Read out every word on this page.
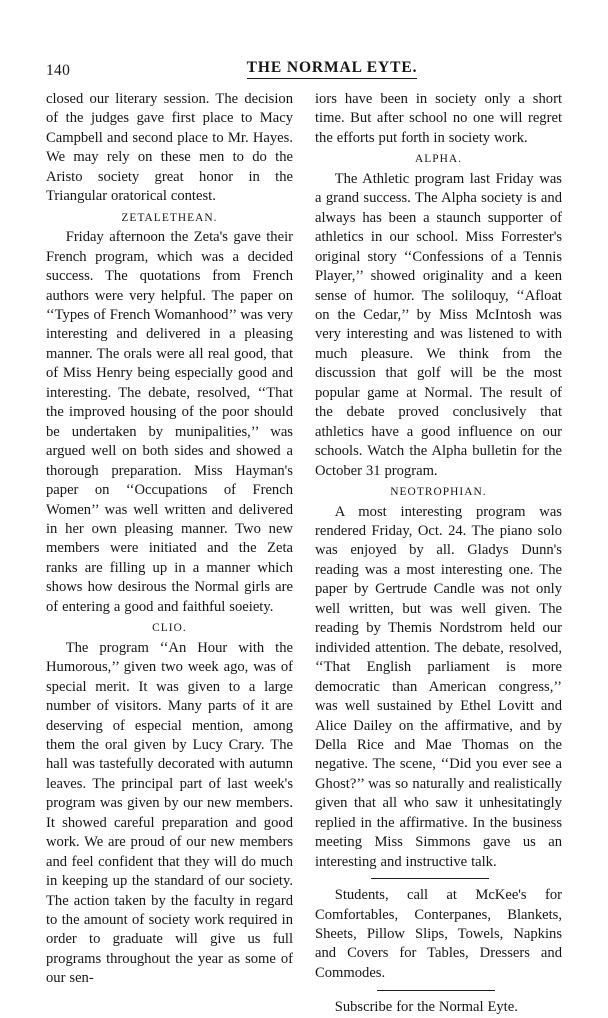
140	THE NORMAL EYTE.

closed our literary session. The decision of the judges gave first place to Macy Campbell and second place to Mr. Hayes. We may rely on these men to do the Aristo society great honor in the Triangular oratorical contest.

ZETALETHEAN.

Friday afternoon the Zeta's gave their French program, which was a decided success. The quotations from French authors were very helpful. The paper on ‘‘Types of French Womanhood’’ was very interesting and delivered in a pleasing manner. The orals were all real good, that of Miss Henry being especially good and interesting. The debate, resolved, ‘‘That the improved housing of the poor should be undertaken by munipalities,’’ was argued well on both sides and showed a thorough preparation. Miss Hayman's paper on ‘‘Occupations of French Women’’ was well written and delivered in her own pleasing manner. Two new members were initiated and the Zeta ranks are filling up in a manner which shows how desirous the Normal girls are of entering a good and faithful soeiety.

CLIO.

The program ‘‘An Hour with the Humorous,’’ given two week ago, was of special merit. It was given to a large number of visitors. Many parts of it are deserving of especial mention, among them the oral given by Lucy Crary. The hall was tastefully decorated with autumn leaves. The principal part of last week's program was given by our new members. It showed careful preparation and good work. We are proud of our new members and feel confident that they will do much in keeping up the standard of our society. The action taken by the faculty in regard to the amount of society work required in order to graduate will give us full programs throughout the year as some of our sen-

iors have been in society only a short time. But after school no one will regret the efforts put forth in society work.

ALPHA.

The Athletic program last Friday was a grand success. The Alpha society is and always has been a staunch supporter of athletics in our school. Miss Forrester's original story ‘‘Confessions of a Tennis Player,’’ showed originality and a keen sense of humor. The soliloquy, ‘‘Afloat on the Cedar,’’ by Miss McIntosh was very interesting and was listened to with much pleasure. We think from the discussion that golf will be the most popular game at Normal. The result of the debate proved conclusively that athletics have a good influence on our schools. Watch the Alpha bulletin for the October 31 program.

NEOTROPHIAN.

A most interesting program was rendered Friday, Oct. 24. The piano solo was enjoyed by all. Gladys Dunn's reading was a most interesting one. The paper by Gertrude Candle was not only well written, but was well given. The reading by Themis Nordstrom held our individed attention. The debate, resolved, ‘‘That English parliament is more democratic than American congress,’’ was well sustained by Ethel Lovitt and Alice Dailey on the affirmative, and by Della Rice and Mae Thomas on the negative. The scene, ‘‘Did you ever see a Ghost?’’ was so naturally and realistically given that all who saw it unhesitatingly replied in the affirmative. In the business meeting Miss Simmons gave us an interesting and instructive talk.

Students, call at McKee's for Comfortables, Conterpanes, Blankets, Sheets, Pillow Slips, Towels, Napkins and Covers for Tables, Dressers and Commodes.

Subscribe for the Normal Eyte.
